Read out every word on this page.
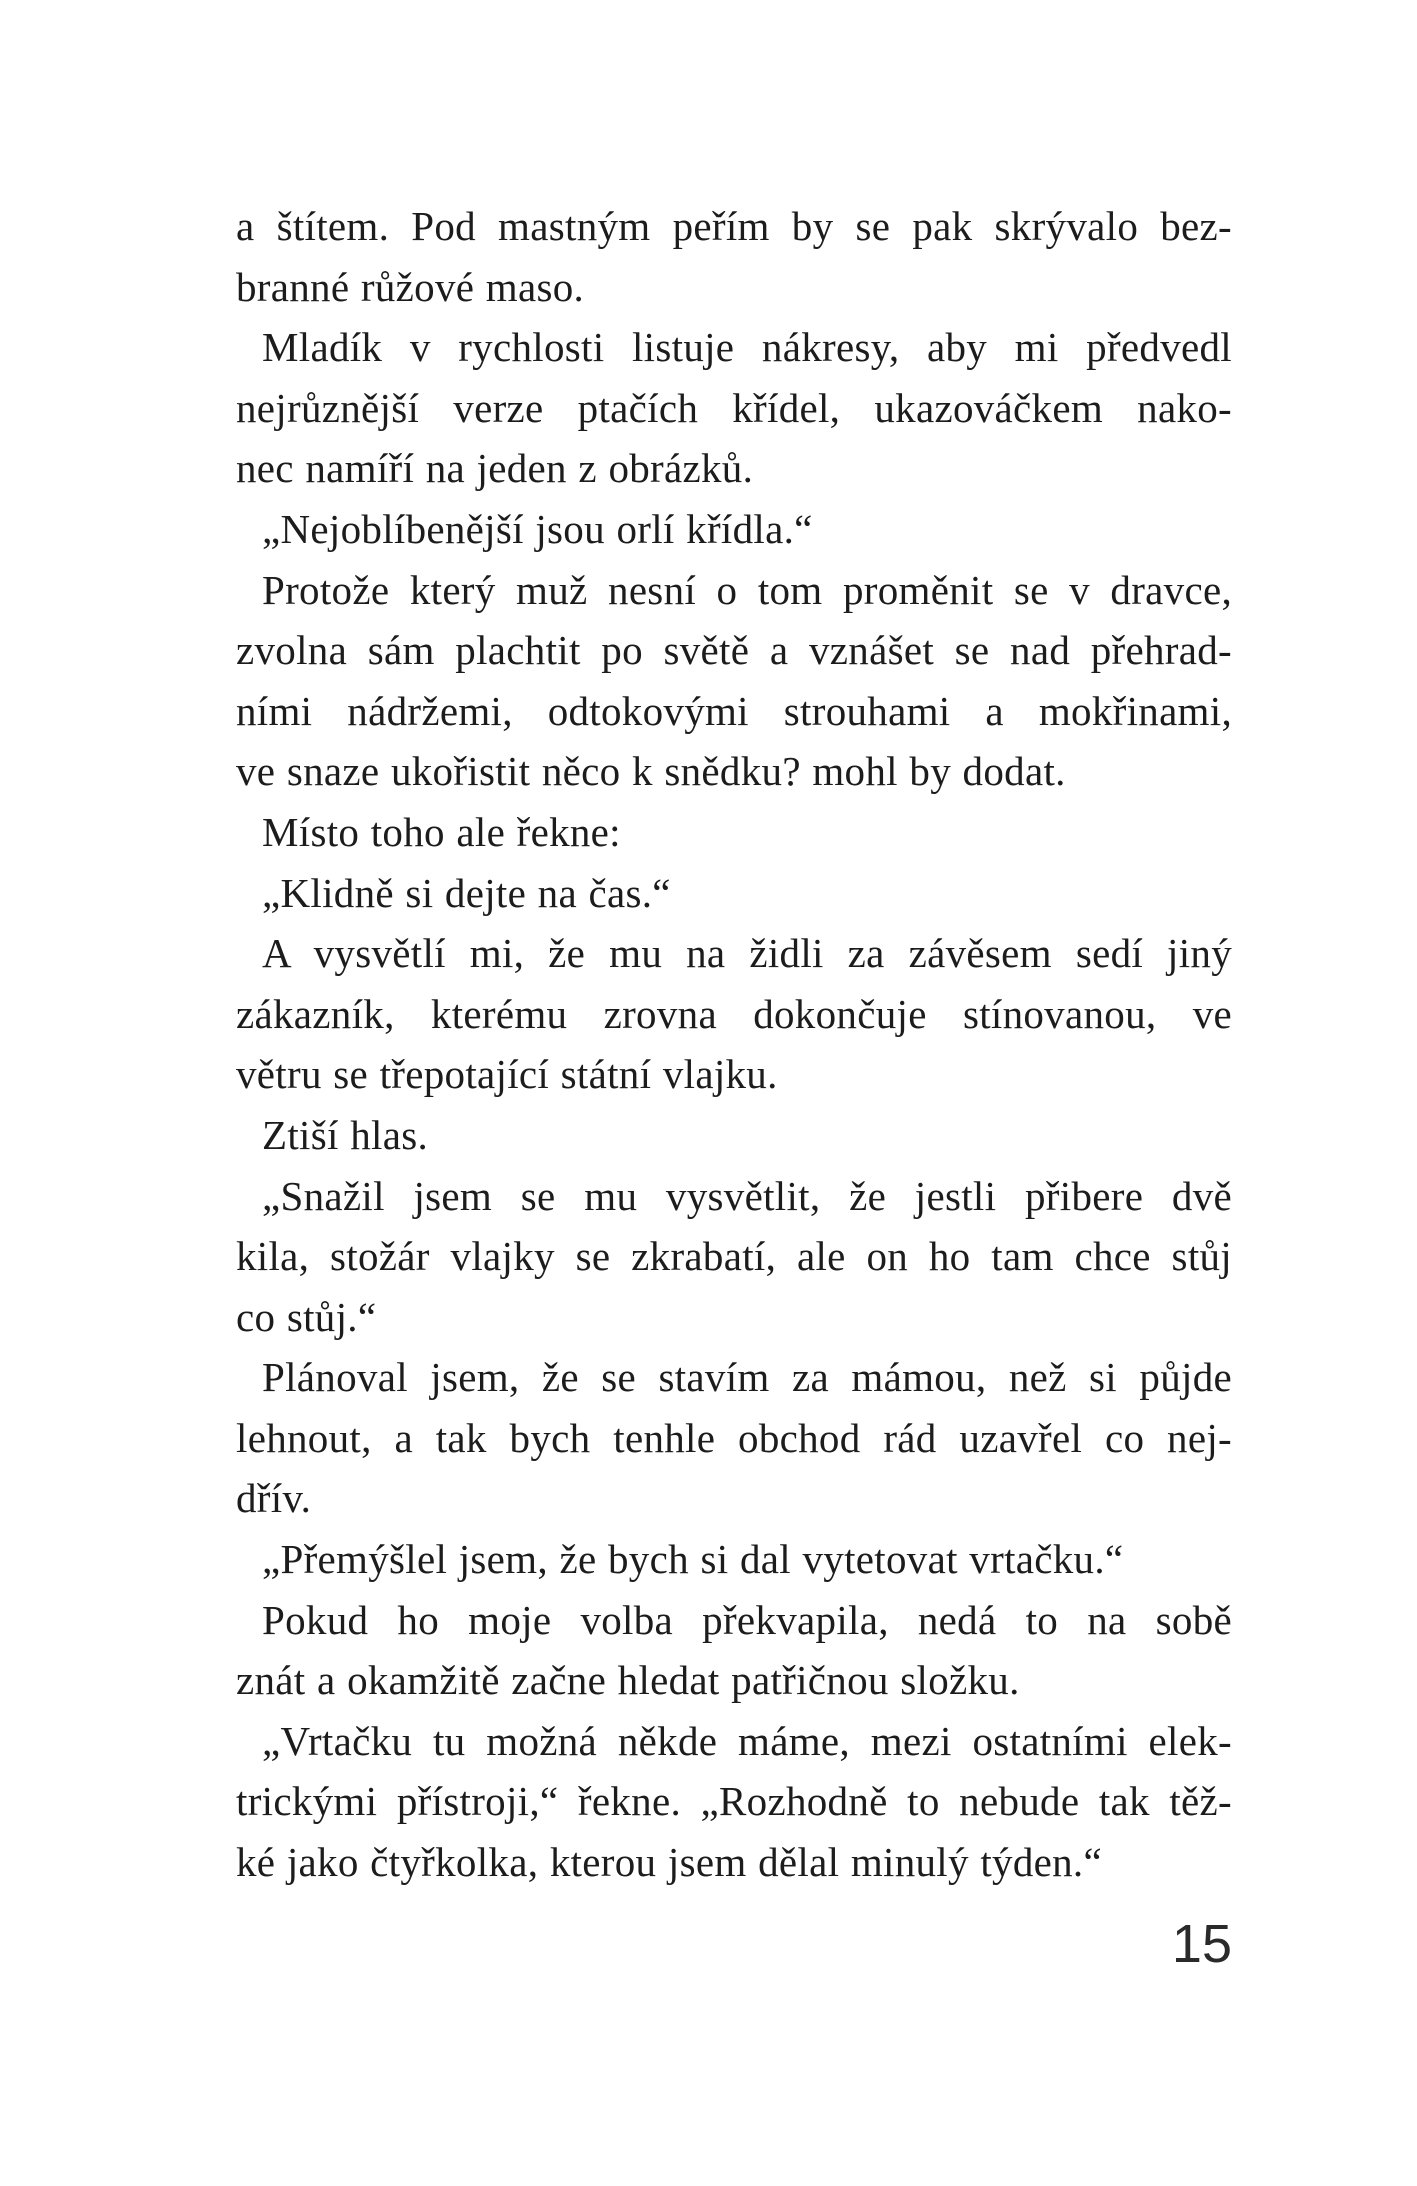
a štítem. Pod mastným peřím by se pak skrývalo bez-
branné růžové maso.
Mladík v rychlosti listuje nákresy, aby mi předvedl
nejrůznější verze ptačích křídel, ukazováčkem nako-
nec namíří na jeden z obrázků.
„Nejoblíbenější jsou orlí křídla.“
Protože který muž nesní o tom proměnit se v dravce,
zvolna sám plachtit po světě a vznášet se nad přehrad-
ními nádržemi, odtokovými strouhami a mokřinami,
ve snaze ukořistit něco k snědku? mohl by dodat.
Místo toho ale řekne:
„Klidně si dejte na čas.“
A vysvětlí mi, že mu na židli za závěsem sedí jiný
zákazník, kterému zrovna dokončuje stínovanou, ve
větru se třepotající státní vlajku.
Ztiší hlas.
„Snažil jsem se mu vysvětlit, že jestli přibere dvě
kila, stožár vlajky se zkrabatí, ale on ho tam chce stůj
co stůj.“
Plánoval jsem, že se stavím za mámou, než si půjde
lehnout, a tak bych tenhle obchod rád uzavřel co nej-
dřív.
„Přemýšlel jsem, že bych si dal vytetovat vrtačku.“
Pokud ho moje volba překvapila, nedá to na sobě
znát a okamžitě začne hledat patřičnou složku.
„Vrtačku tu možná někde máme, mezi ostatními elek-
trickými přístroji,“ řekne. „Rozhodně to nebude tak těž-
ké jako čtyřkolka, kterou jsem dělal minulý týden.“
15
